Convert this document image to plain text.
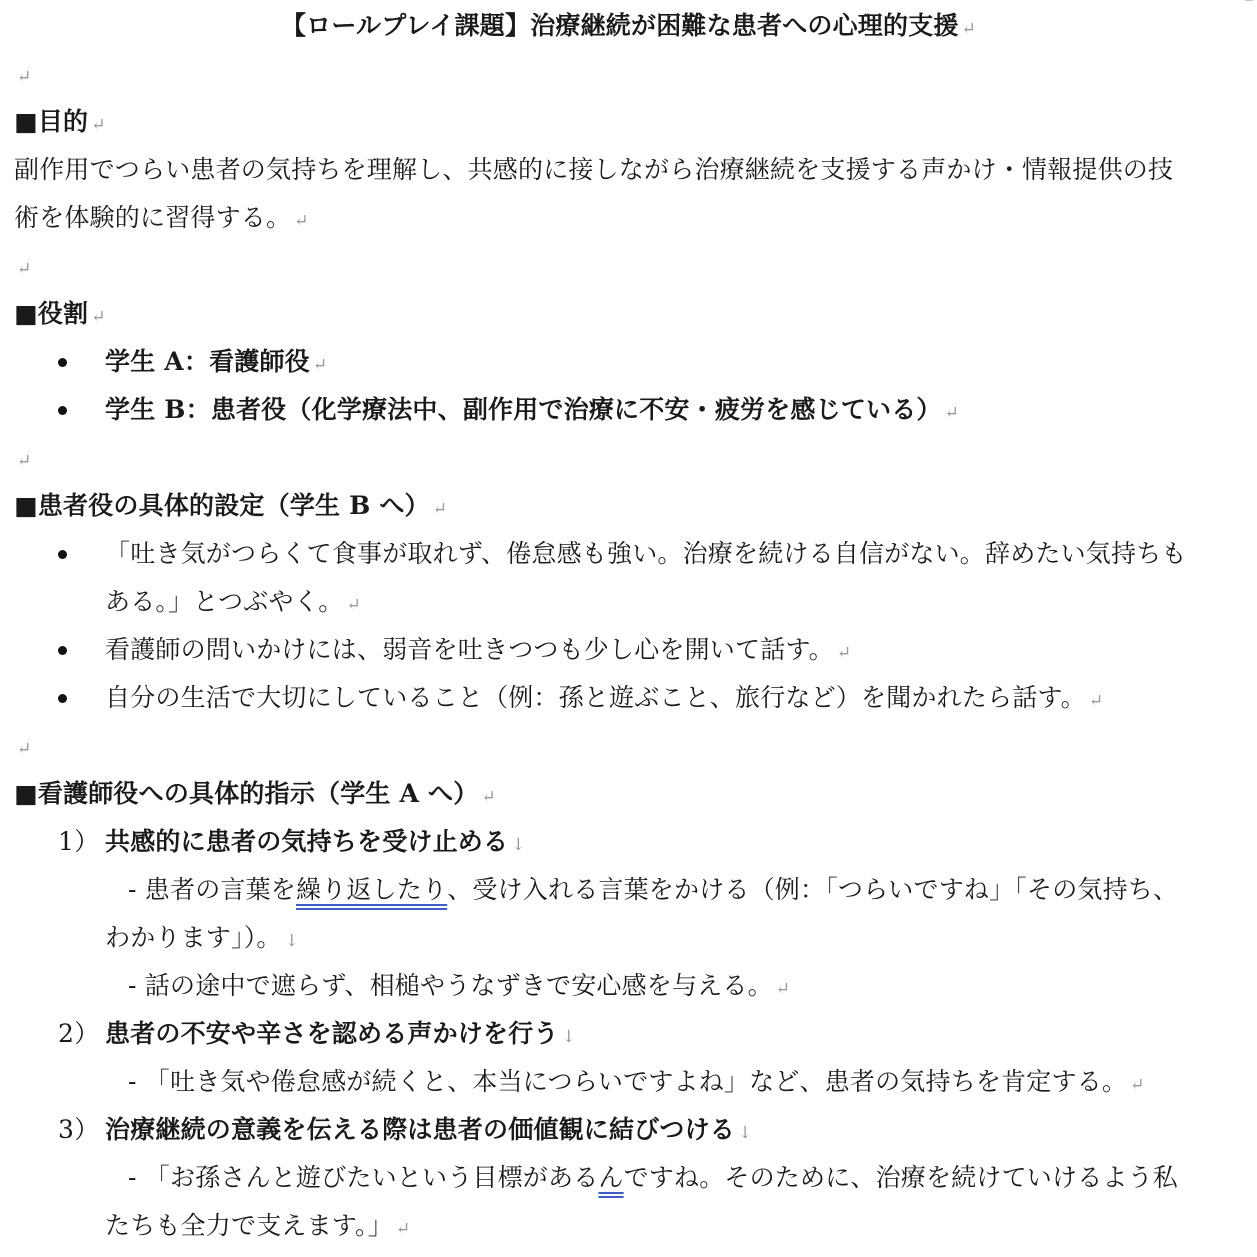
【ロールプレイ課題】治療継続が困難な患者への心理的支援 ↵
↵
■目的 ↵
副作用でつらい患者の気持ちを理解し、共感的に接しながら治療継続を支援する声かけ・情報提供の技
術を体験的に習得する。 ↵
↵
■役割 ↵
学生 A：看護師役 ↵
学生 B：患者役（化学療法中、副作用で治療に不安・疲労を感じている） ↵
↵
■患者役の具体的設定（学生 B へ） ↵
「吐き気がつらくて食事が取れず、倦怠感も強い。治療を続ける自信がない。辞めたい気持ちも
ある。」とつぶやく。 ↵
看護師の問いかけには、弱音を吐きつつも少し心を開いて話す。 ↵
自分の生活で大切にしていること（例：孫と遊ぶこと、旅行など）を聞かれたら話す。 ↵
↵
■看護師役への具体的指示（学生 A へ） ↵
1） 共感的に患者の気持ちを受け止める ↓
- 患者の言葉を繰り返したり、受け入れる言葉をかける（例：「つらいですね」「その気持ち、
わかります」）。 ↓
- 話の途中で遮らず、相槌やうなずきで安心感を与える。 ↵
2） 患者の不安や辛さを認める声かけを行う ↓
- 「吐き気や倦怠感が続くと、本当につらいですよね」など、患者の気持ちを肯定する。 ↵
3） 治療継続の意義を伝える際は患者の価値観に結びつける ↓
- 「お孫さんと遊びたいという目標があるんですね。そのために、治療を続けていけるよう私
たちも全力で支えます。」 ↵
